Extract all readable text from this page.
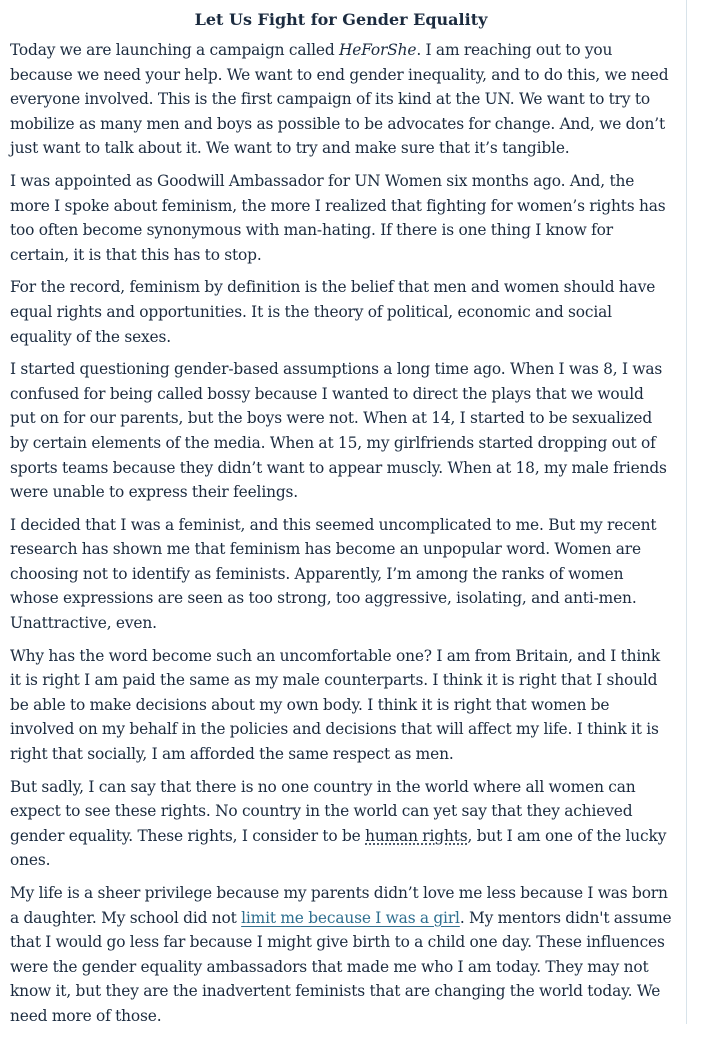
Let Us Fight for Gender Equality

Today we are launching a campaign called HeForShe. I am reaching out to you because we need your help. We want to end gender inequality, and to do this, we need everyone involved. This is the first campaign of its kind at the UN. We want to try to mobilize as many men and boys as possible to be advocates for change. And, we don’t just want to talk about it. We want to try and make sure that it’s tangible.

I was appointed as Goodwill Ambassador for UN Women six months ago. And, the more I spoke about feminism, the more I realized that fighting for women’s rights has too often become synonymous with man-hating. If there is one thing I know for certain, it is that this has to stop.

For the record, feminism by definition is the belief that men and women should have equal rights and opportunities. It is the theory of political, economic and social equality of the sexes.

I started questioning gender-based assumptions a long time ago. When I was 8, I was confused for being called bossy because I wanted to direct the plays that we would put on for our parents, but the boys were not. When at 14, I started to be sexualized by certain elements of the media. When at 15, my girlfriends started dropping out of sports teams because they didn’t want to appear muscly. When at 18, my male friends were unable to express their feelings.

I decided that I was a feminist, and this seemed uncomplicated to me. But my recent research has shown me that feminism has become an unpopular word. Women are choosing not to identify as feminists. Apparently, I’m among the ranks of women whose expressions are seen as too strong, too aggressive, isolating, and anti-men. Unattractive, even.

Why has the word become such an uncomfortable one? I am from Britain, and I think it is right I am paid the same as my male counterparts. I think it is right that I should be able to make decisions about my own body. I think it is right that women be involved on my behalf in the policies and decisions that will affect my life. I think it is right that socially, I am afforded the same respect as men.

But sadly, I can say that there is no one country in the world where all women can expect to see these rights. No country in the world can yet say that they achieved gender equality. These rights, I consider to be human rights, but I am one of the lucky ones.

My life is a sheer privilege because my parents didn’t love me less because I was born a daughter. My school did not limit me because I was a girl. My mentors didn't assume that I would go less far because I might give birth to a child one day. These influences were the gender equality ambassadors that made me who I am today. They may not know it, but they are the inadvertent feminists that are changing the world today. We need more of those.
